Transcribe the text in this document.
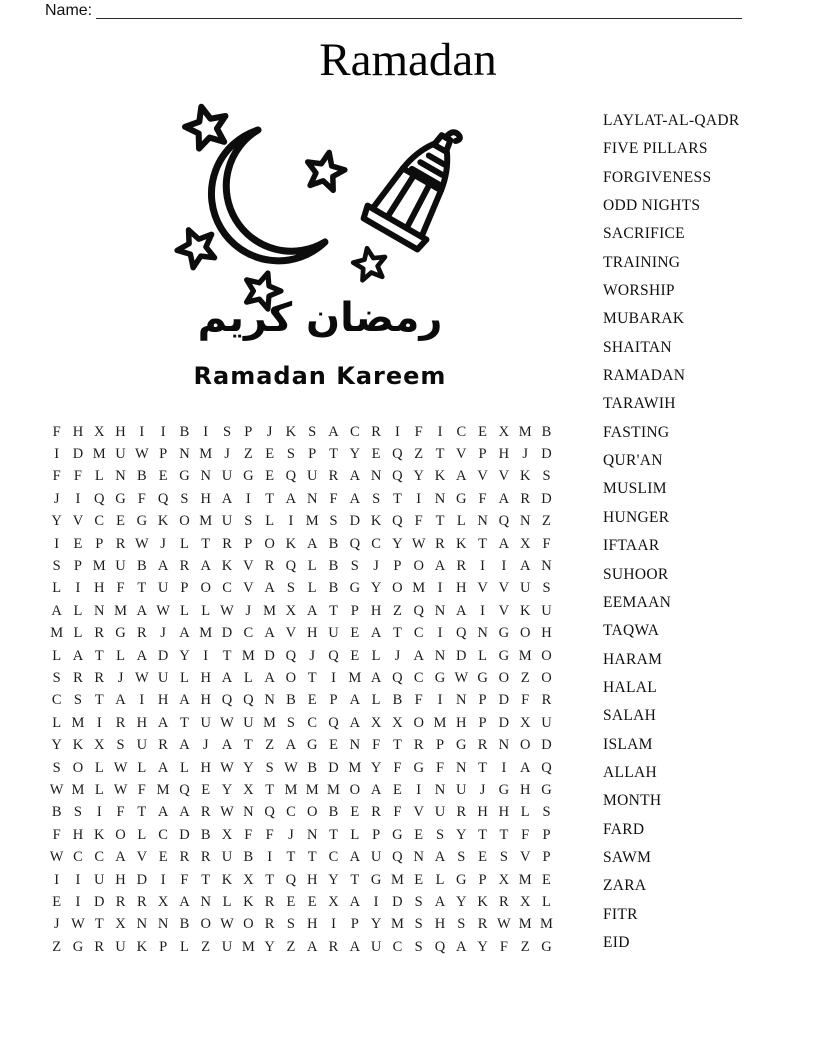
Name:
Ramadan
رمضان كريم
Ramadan Kareem
F H X H I	I B I	S P J K S A C R I	F	I C E X M B
I D M U W P N M J Z E S P T Y E Q Z T V P H J D
F F L N B E G N U G E Q U R A N Q Y K A V V K S
J	I Q G F Q S H A I T A N F A S T I N G F A R D
Y V C E G K O M U S L I M S D K Q F T L N Q N Z
I E P R W J L T R P O K A B Q C Y W R K T A X F
S P M U B A R A K V R Q L B S J P O A R I	I A N
L I H F T U P O C V A S L B G Y O M I H V V U S
A L N M A W L L W J M X A T P H Z Q N A I V K U
M L R G R J A M D C A V H U E A T C I Q N G O H
L A T L A D Y I T M D Q J Q E L J A N D L G M O
S R R J W U L H A L A O T I M A Q C G W G O Z O
C S T A I H A H Q Q N B E P A L B F	I N P D F R
L M I R H A T U W U M S C Q A X X O M H P D X U
Y K X S U R A J A T Z A G E N F T R P G R N O D
S O L W L A L H W Y S W B D M Y F G F N T I A Q
W M L W F M Q E Y X T M M M O A E I N U J G H G
B S	I	F T A A R W N Q C O B E R F V U R H H L S
F H K O L C D B X F F J N T L P G E S Y T T F P
W C C A V E R R U B I T T C A U Q N A S E S V P
I	I U H D I	F T K X T Q H Y T G M E L G P X M E
E I D R R X A N L K R E E X A I D S A Y K R X L
J W T X N N B O W O R S H I	P Y M S H S R W M M
Z G R U K P L Z U M Y Z A R A U C S Q A Y F Z G
LAYLAT-AL-QADR
FIVE PILLARS
FORGIVENESS
ODD NIGHTS
SACRIFICE
TRAINING
WORSHIP
MUBARAK
SHAITAN
RAMADAN
TARAWIH
FASTING
QUR'AN
MUSLIM
HUNGER
IFTAAR
SUHOOR
EEMAAN
TAQWA
HARAM
HALAL
SALAH
ISLAM
ALLAH
MONTH
FARD
SAWM
ZARA
FITR
EID
